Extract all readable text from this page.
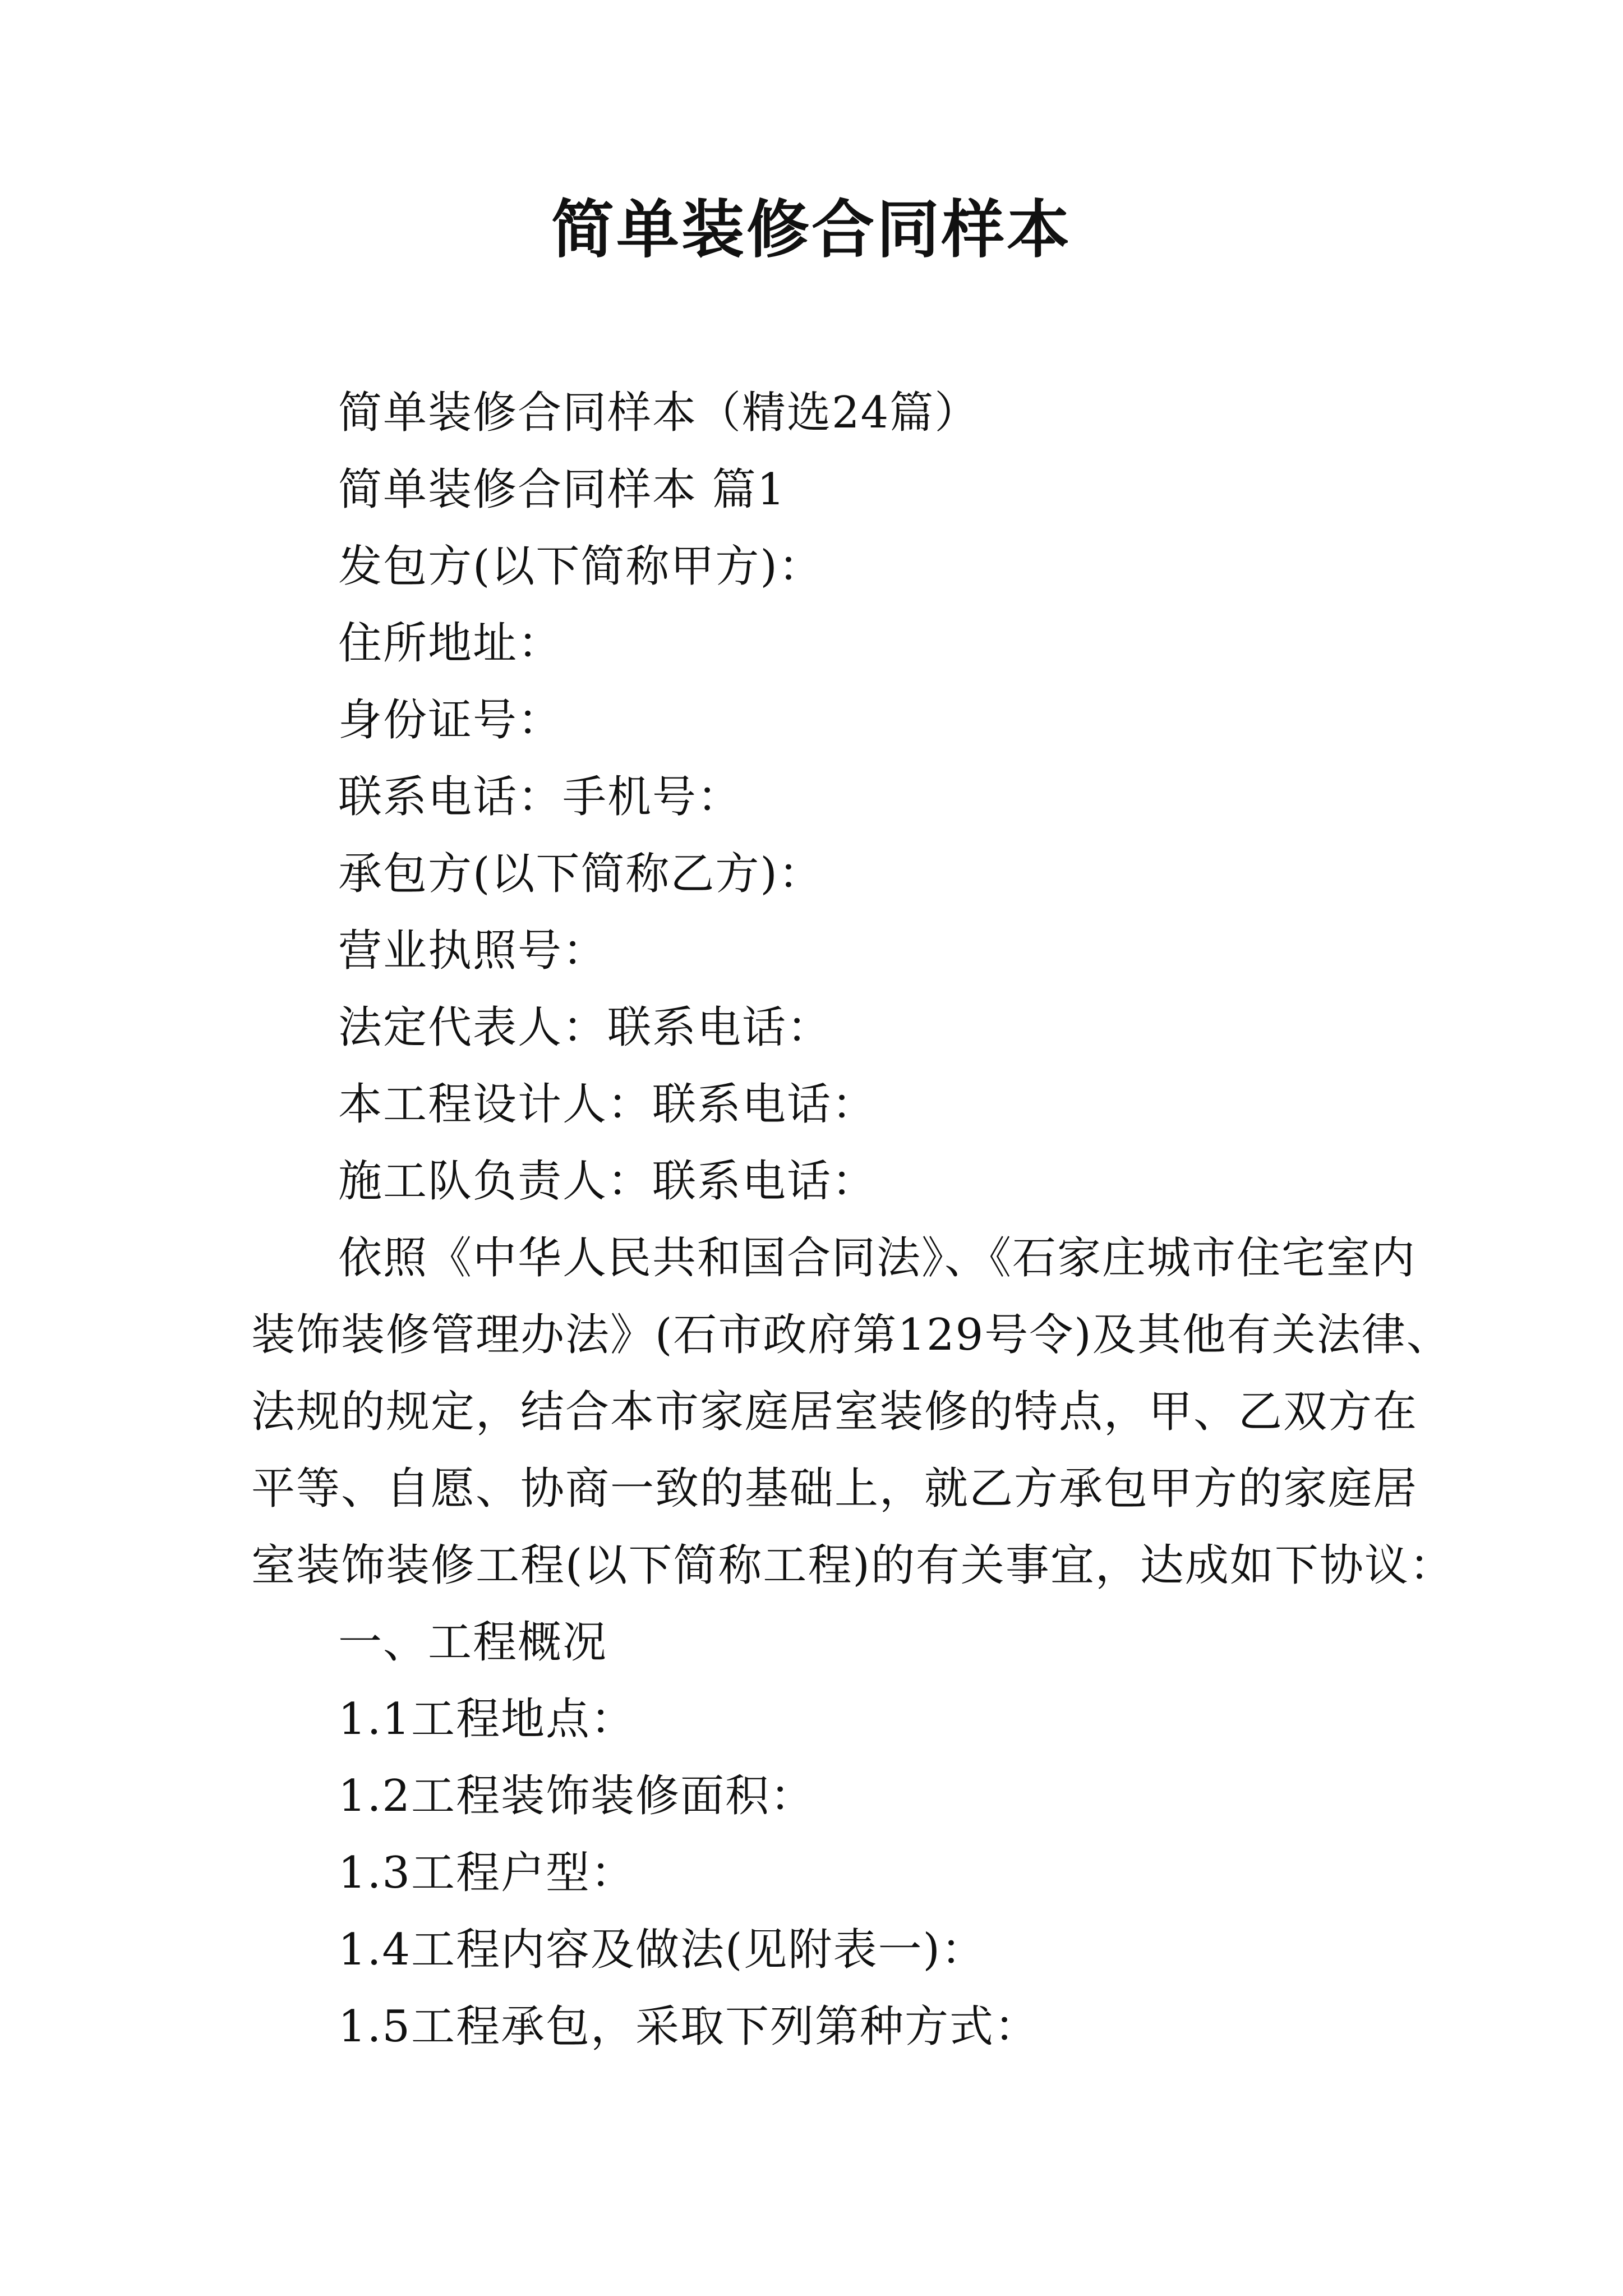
简单装修合同样本
简单装修合同样本（精选24篇）
简单装修合同样本 篇1
发包方(以下简称甲方)：
住所地址：
身份证号：
联系电话：手机号：
承包方(以下简称乙方)：
营业执照号：
法定代表人：联系电话：
本工程设计人：联系电话：
施工队负责人：联系电话：
依照《中华人民共和国合同法》、《石家庄城市住宅室内
装饰装修管理办法》(石市政府第129号令)及其他有关法律、
法规的规定，结合本市家庭居室装修的特点，甲、乙双方在
平等、自愿、协商一致的基础上，就乙方承包甲方的家庭居
室装饰装修工程(以下简称工程)的有关事宜，达成如下协议：
一、工程概况
1.1工程地点：
1.2工程装饰装修面积：
1.3工程户型：
1.4工程内容及做法(见附表一)：
1.5工程承包，采取下列第种方式：
